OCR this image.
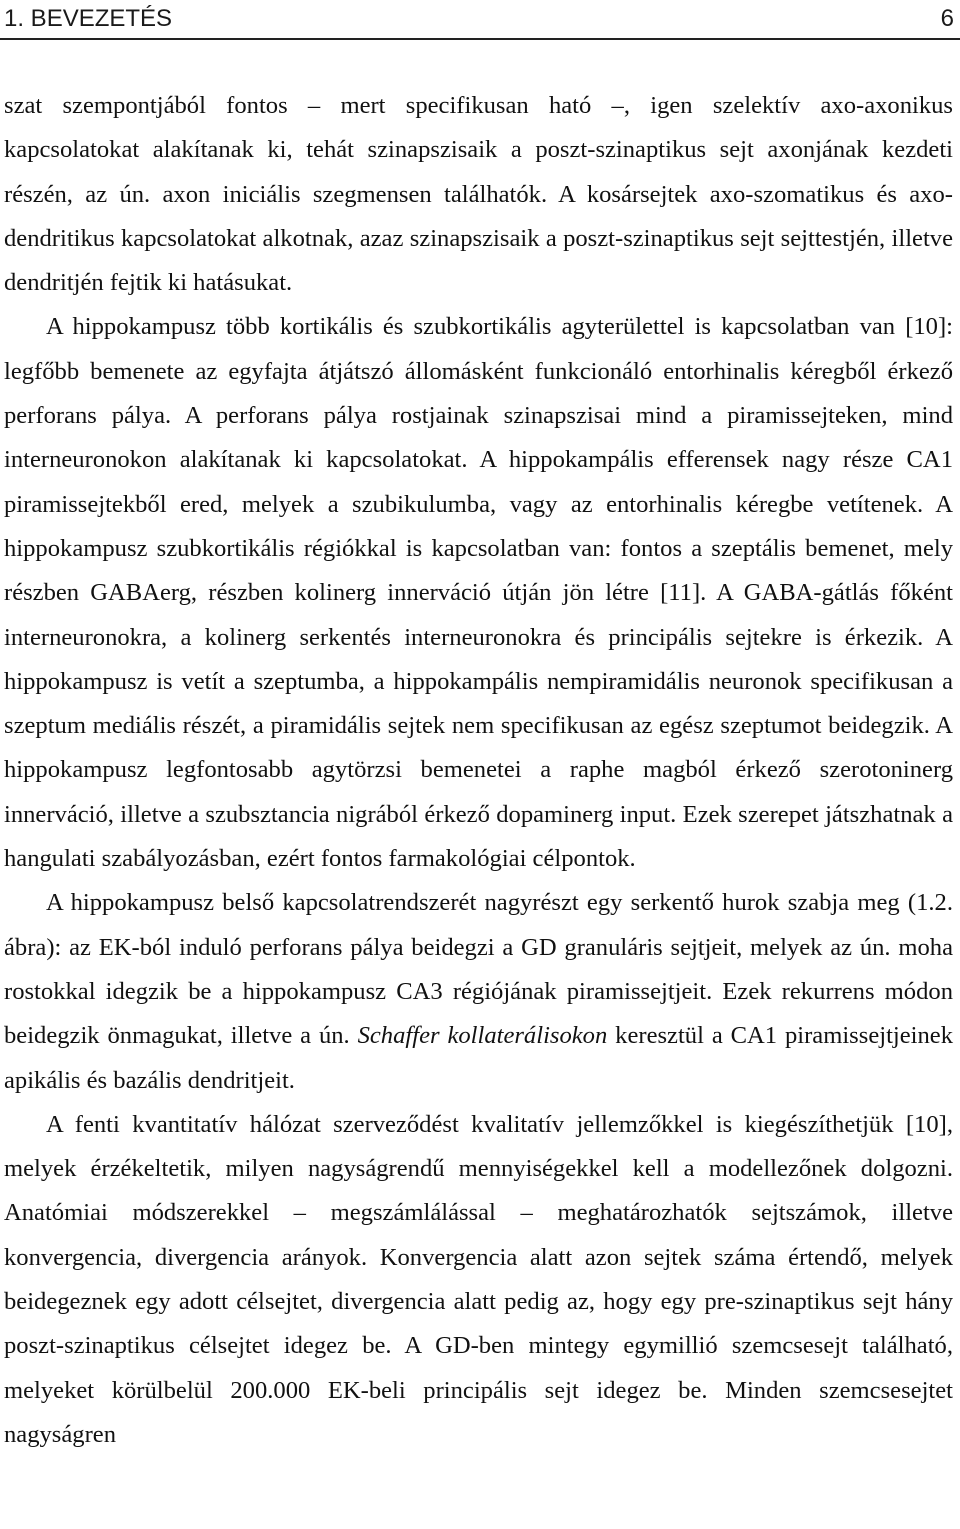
1. BEVEZETÉS	6

szat szempontjából fontos – mert specifikusan ható –, igen szelektív axo-axonikus kapcsolatokat alakítanak ki, tehát szinapszisaik a poszt-szinaptikus sejt axonjának kezdeti részén, az ún. axon iniciális szegmensen találhatók. A kosársejtek axo-szomatikus és axo-dendritikus kapcsolatokat alkotnak, azaz szinapszisaik a poszt-szinaptikus sejt sejttestjén, illetve dendritjén fejtik ki hatásukat.

A hippokampusz több kortikális és szubkortikális agyterülettel is kapcsolatban van [10]: legfőbb bemenete az egyfajta átjátszó állomásként funkcionáló entorhinalis kéregből érkező perforans pálya. A perforans pálya rostjainak szinapszisai mind a piramissejteken, mind interneuronokon alakítanak ki kapcsolatokat. A hippokampális efferensek nagy része CA1 piramissejtekből ered, melyek a szubikulumba, vagy az entorhinalis kéregbe vetítenek. A hippokampusz szubkortikális régiókkal is kapcsolatban van: fontos a szeptális bemenet, mely részben GABAerg, részben kolinerg innerváció útján jön létre [11]. A GABA-gátlás főként interneuronokra, a kolinerg serkentés interneuronokra és principális sejtekre is érkezik. A hippokampusz is vetít a szeptumba, a hippokampális nempiramidális neuronok specifikusan a szeptum mediális részét, a piramidális sejtek nem specifikusan az egész szeptumot beidegzik. A hippokampusz legfontosabb agytörzsi bemenetei a raphe magból érkező szerotoninerg innerváció, illetve a szubsztancia nigrából érkező dopaminerg input. Ezek szerepet játszhatnak a hangulati szabályozásban, ezért fontos farmakológiai célpontok.

A hippokampusz belső kapcsolatrendszerét nagyrészt egy serkentő hurok szabja meg (1.2. ábra): az EK-ból induló perforans pálya beidegzi a GD granuláris sejtjeit, melyek az ún. moha rostokkal idegzik be a hippokampusz CA3 régiójának piramissejtjeit. Ezek rekurrens módon beidegzik önmagukat, illetve a ún. Schaffer kollaterálisokon keresztül a CA1 piramissejtjeinek apikális és bazális dendritjeit.

A fenti kvantitatív hálózat szerveződést kvalitatív jellemzőkkel is kiegészíthetjük [10], melyek érzékeltetik, milyen nagyságrendű mennyiségekkel kell a modellezőnek dolgozni. Anatómiai módszerekkel – megszámlálással – meghatározhatók sejtszámok, illetve konvergencia, divergencia arányok. Konvergencia alatt azon sejtek száma értendő, melyek beidegeznek egy adott célsejtet, divergencia alatt pedig az, hogy egy pre-szinaptikus sejt hány poszt-szinaptikus célsejtet idegez be. A GD-ben mintegy egymillió szemcsesejt található, melyeket körülbelül 200.000 EK-beli principális sejt idegez be. Minden szemcsesejtet nagyságren
